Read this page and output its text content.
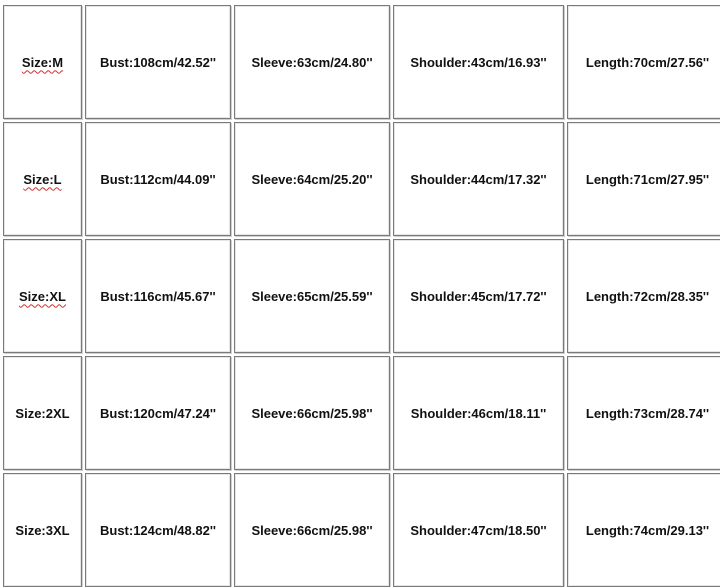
Size:M	Bust:108cm/42.52''	Sleeve:63cm/24.80''	Shoulder:43cm/16.93''	Length:70cm/27.56''
Size:L	Bust:112cm/44.09''	Sleeve:64cm/25.20''	Shoulder:44cm/17.32''	Length:71cm/27.95''
Size:XL	Bust:116cm/45.67''	Sleeve:65cm/25.59''	Shoulder:45cm/17.72''	Length:72cm/28.35''
Size:2XL Bust:120cm/47.24''	Sleeve:66cm/25.98''	Shoulder:46cm/18.11''	Length:73cm/28.74''
Size:3XL Bust:124cm/48.82''	Sleeve:66cm/25.98''	Shoulder:47cm/18.50''	Length:74cm/29.13''
